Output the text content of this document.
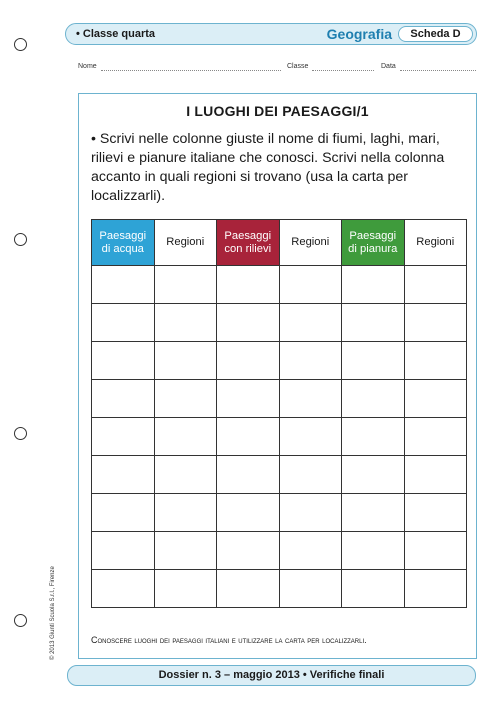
• Classe quarta	Geografia	Scheda D
Nome	Classe	Data
I LUOGHI DEI PAESAGGI/1
• Scrivi nelle colonne giuste il nome di fiumi, laghi, mari, rilievi e pianure italiane che conosci. Scrivi nella colonna accanto in quali regioni si trovano (usa la carta per localizzarli).
Paesaggi di acqua	Regioni	Paesaggi con rilievi	Regioni	Paesaggi di pianura	Regioni

Conoscere luoghi dei paesaggi italiani e utilizzare la carta per localizzarli.
© 2013 Giunti Scuola S.r.l., Firenze
Dossier n. 3 – maggio 2013 • Verifiche finali
